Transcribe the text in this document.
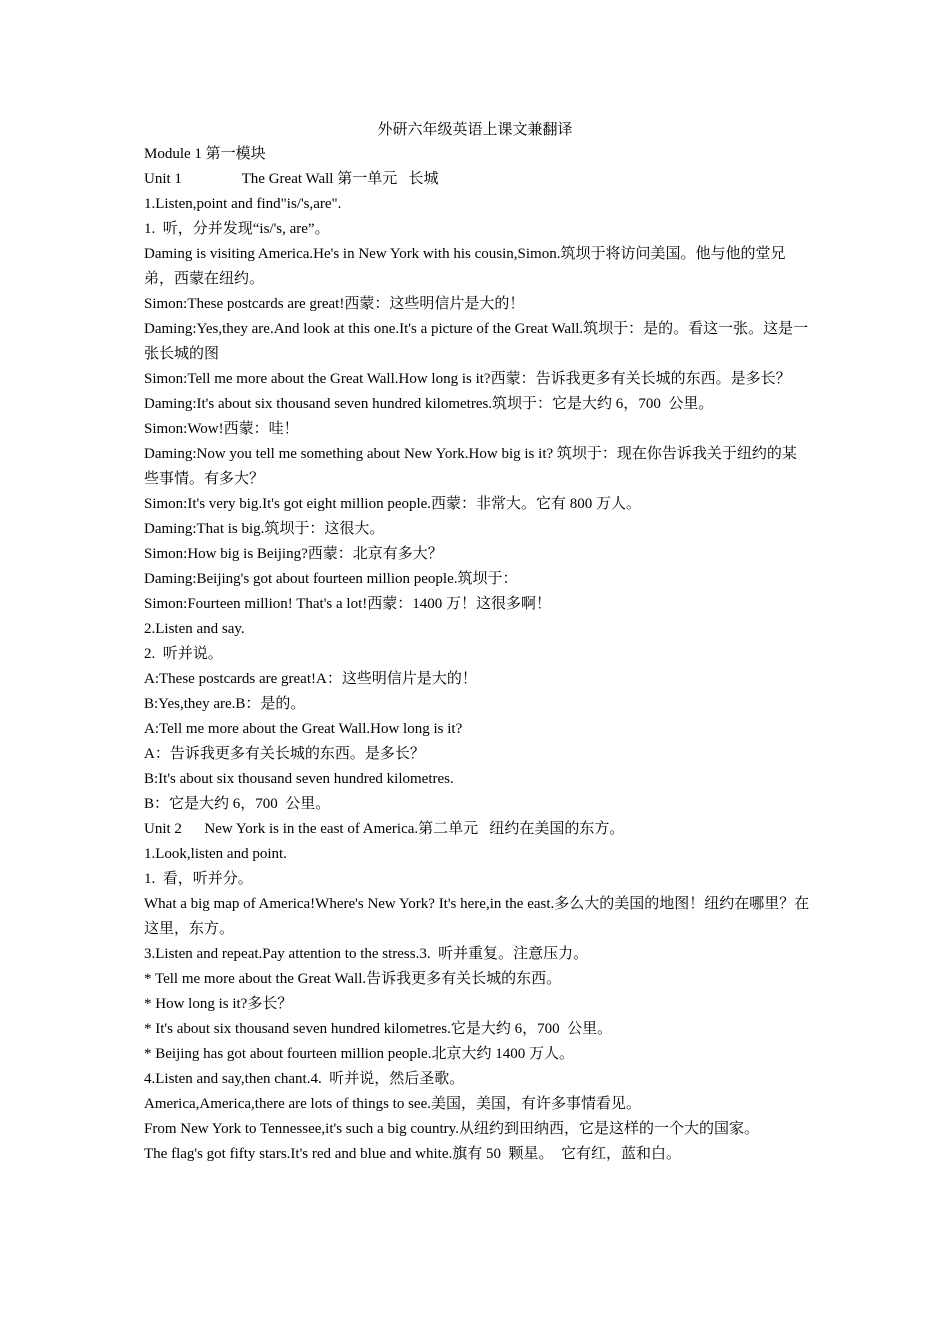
外研六年级英语上课文兼翻译

Module 1 第一模块

Unit 1                The Great Wall 第一单元   长城

1.Listen,point and find"is/'s,are".

1.  听，分并发现“is/'s, are”。

Daming is visiting America.He's in New York with his cousin,Simon.筑坝于将访问美国。他与他的堂兄弟，西蒙在纽约。

Simon:These postcards are great!西蒙：这些明信片是大的！

Daming:Yes,they are.And look at this one.It's a picture of the Great Wall.筑坝于：是的。看这一张。这是一张长城的图

Simon:Tell me more about the Great Wall.How long is it?西蒙：告诉我更多有关长城的东西。是多长？

Daming:It's about six thousand seven hundred kilometres.筑坝于：它是大约 6，700  公里。

Simon:Wow!西蒙：哇！

Daming:Now you tell me something about New York.How big is it? 筑坝于：现在你告诉我关于纽约的某些事情。有多大？

Simon:It's very big.It's got eight million people.西蒙：非常大。它有 800 万人。

Daming:That is big.筑坝于：这很大。

Simon:How big is Beijing?西蒙：北京有多大？

Daming:Beijing's got about fourteen million people.筑坝于：

Simon:Fourteen million! That's a lot!西蒙：1400 万！这很多啊！

2.Listen and say.

2.  听并说。

A:These postcards are great!A：这些明信片是大的！

B:Yes,they are.B：是的。

A:Tell me more about the Great Wall.How long is it?

A：告诉我更多有关长城的东西。是多长？

B:It's about six thousand seven hundred kilometres.

B：它是大约 6，700  公里。

Unit 2      New York is in the east of America.第二单元   纽约在美国的东方。

1.Look,listen and point.

1.  看，听并分。

What a big map of America!Where's New York? It's here,in the east.多么大的美国的地图！纽约在哪里？在这里，东方。

3.Listen and repeat.Pay attention to the stress.3.  听并重复。注意压力。

* Tell me more about the Great Wall.告诉我更多有关长城的东西。

* How long is it?多长？

* It's about six thousand seven hundred kilometres.它是大约 6，700  公里。

* Beijing has got about fourteen million people.北京大约 1400 万人。

4.Listen and say,then chant.4.  听并说，然后圣歌。

America,America,there are lots of things to see.美国，美国，有许多事情看见。

From New York to Tennessee,it's such a big country.从纽约到田纳西，它是这样的一个大的国家。

The flag's got fifty stars.It's red and blue and white.旗有 50  颗星。  它有红，蓝和白。
